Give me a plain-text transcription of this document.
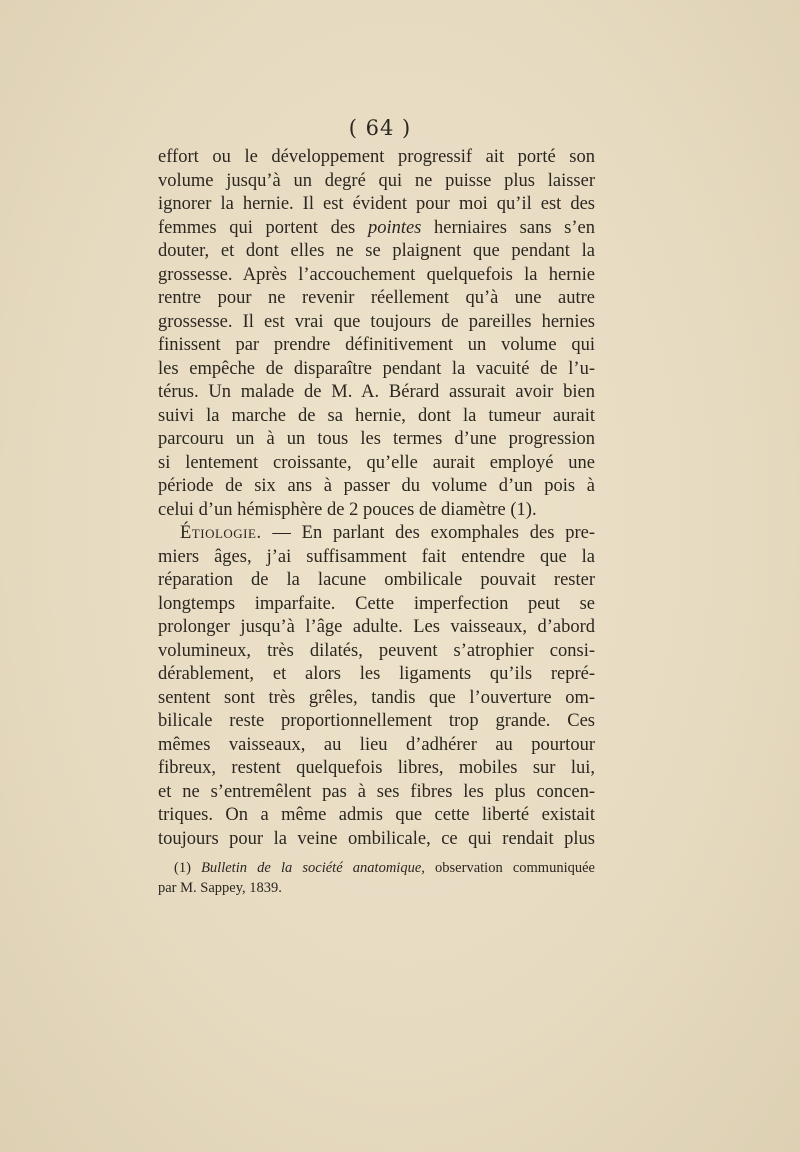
( 64 )
effort ou le développement progressif ait porté son
volume jusqu’à un degré qui ne puisse plus laisser
ignorer la hernie. Il est évident pour moi qu’il est des
femmes qui portent des pointes herniaires sans s’en
douter, et dont elles ne se plaignent que pendant la
grossesse. Après l’accouchement quelquefois la hernie
rentre pour ne revenir réellement qu’à une autre
grossesse. Il est vrai que toujours de pareilles hernies
finissent par prendre définitivement un volume qui
les empêche de disparaître pendant la vacuité de l’u-
térus. Un malade de M. A. Bérard assurait avoir bien
suivi la marche de sa hernie, dont la tumeur aurait
parcouru un à un tous les termes d’une progression
si lentement croissante, qu’elle aurait employé une
période de six ans à passer du volume d’un pois à
celui d’un hémisphère de 2 pouces de diamètre (1).
Étiologie. — En parlant des exomphales des pre-
miers âges, j’ai suffisamment fait entendre que la
réparation de la lacune ombilicale pouvait rester
longtemps imparfaite. Cette imperfection peut se
prolonger jusqu’à l’âge adulte. Les vaisseaux, d’abord
volumineux, très dilatés, peuvent s’atrophier consi-
dérablement, et alors les ligaments qu’ils repré-
sentent sont très grêles, tandis que l’ouverture om-
bilicale reste proportionnellement trop grande. Ces
mêmes vaisseaux, au lieu d’adhérer au pourtour
fibreux, restent quelquefois libres, mobiles sur lui,
et ne s’entremêlent pas à ses fibres les plus concen-
triques. On a même admis que cette liberté existait
toujours pour la veine ombilicale, ce qui rendait plus
(1) Bulletin de la société anatomique, observation communiquée
par M. Sappey, 1839.
